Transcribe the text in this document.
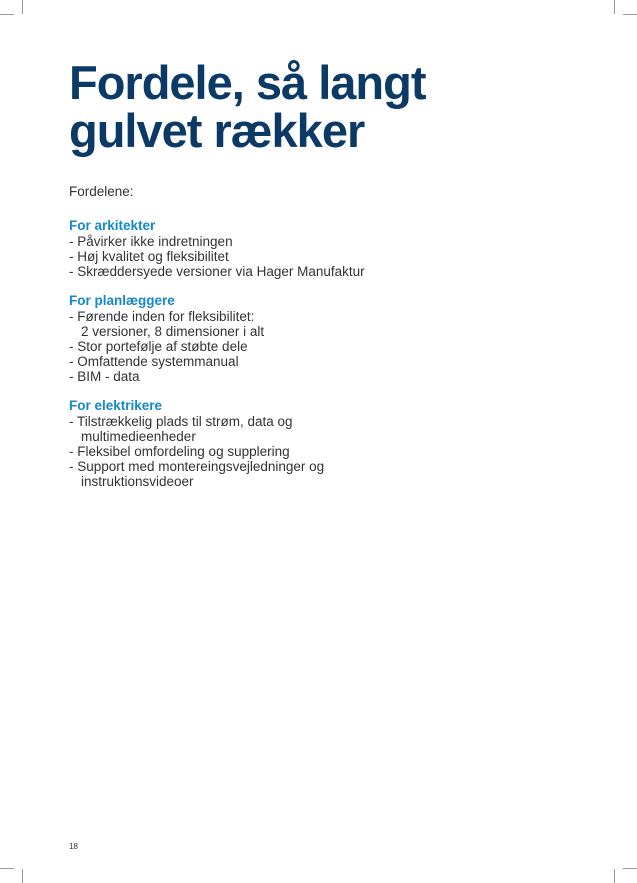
Fordele, så langt
gulvet rækker
Fordelene:
For arkitekter
- Påvirker ikke indretningen
- Høj kvalitet og fleksibilitet
- Skræddersyede versioner via Hager Manufaktur
For planlæggere
- Førende inden for fleksibilitet:
2 versioner, 8 dimensioner i alt
- Stor portefølje af støbte dele
- Omfattende systemmanual
- BIM - data
For elektrikere
- Tilstrækkelig plads til strøm, data og
multimedieenheder
- Fleksibel omfordeling og supplering
- Support med montereingsvejledninger og
instruktionsvideoer
18
